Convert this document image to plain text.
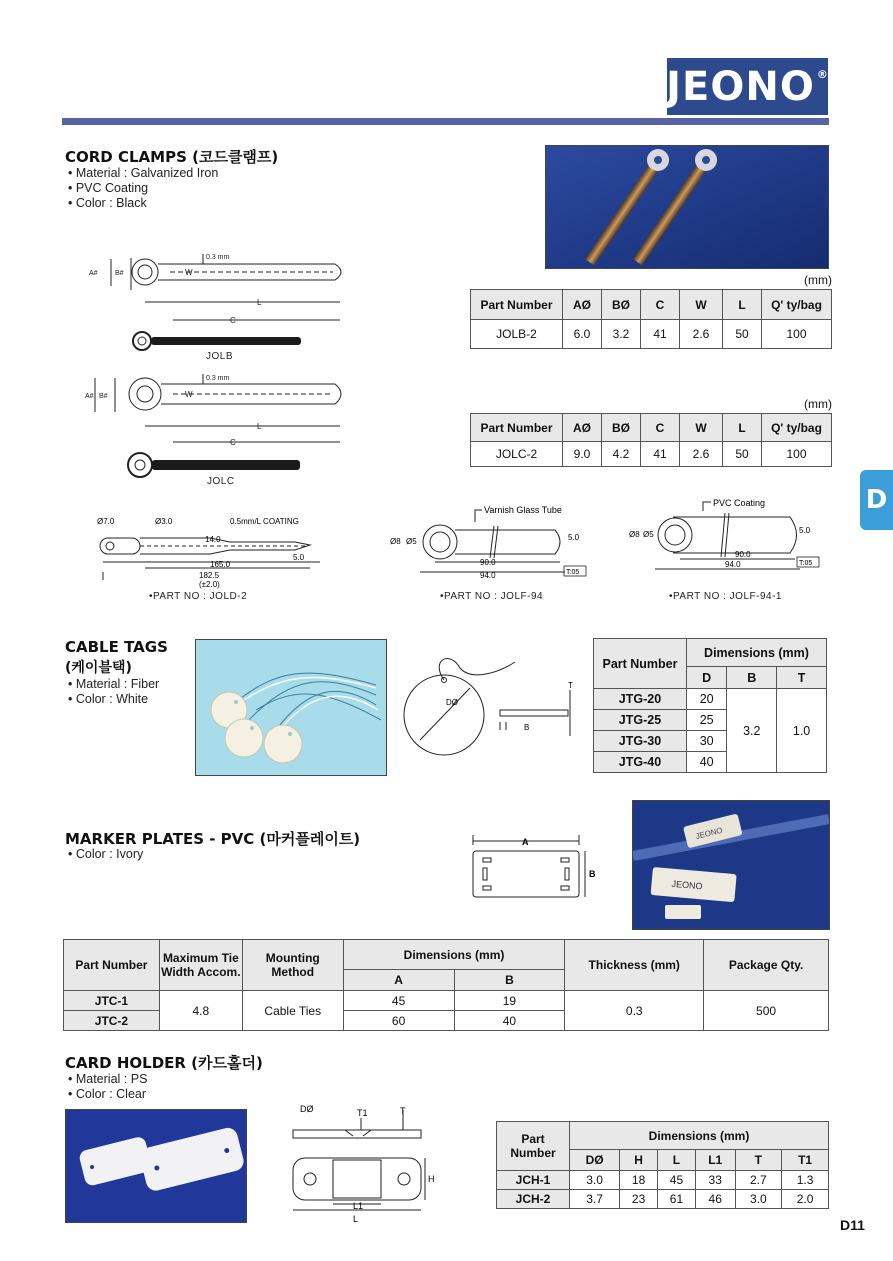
JEONO®
D
CORD CLAMPS (코드클램프)
• Material : Galvanized Iron
• PVC Coating
• Color : Black
0.3 mm
W
L
C
A# B#
JOLB
0.3 mm
W
L
C
A# B#
JOLC
(mm)
Part Number	AØ	BØ	C	W	L	Q' ty/bag
JOLB-2	6.0	3.2	41	2.6	50	100
(mm)
Part Number	AØ	BØ	C	W	L	Q' ty/bag
JOLC-2	9.0	4.2	41	2.6	50	100
Ø7.0	Ø3.0	0.5mm/L COATING
14.0
165.0
5.0
182.5
(±2.0)
•PART NO : JOLD-2
Varnish Glass Tube
Ø8 Ø5	5.0
90.0
94.0	T:05
•PART NO : JOLF-94
PVC Coating
Ø8 Ø5	5.0
90.0
94.0	T:05
•PART NO : JOLF-94-1
CABLE TAGS
(케이블택)
• Material : Fiber
• Color : White	DØ
T
B
Part Number	Dimensions (mm)		
	D	B	T
JTG-20	20	3.2	1.0
JTG-25	25		
JTG-30	30		
JTG-40	40		
MARKER PLATES - PVC (마커플레이트)
• Color : Ivory
A
B
JEONO
JEONO
Part Number	Maximum Tie Width Accom.	Mounting Method	Dimensions (mm)		Thickness (mm)	Package Qty.
			A	B		
JTC-1	4.8	Cable Ties	45	19	0.3	500
JTC-2			60	40		
CARD HOLDER (카드홀더)
• Material : PS
• Color : Clear
DØ	T1	T
H
L1
L
Part Number	Dimensions (mm)					
	DØ	H	L	L1	T	T1
JCH-1	3.0	18	45	33	2.7	1.3
JCH-2	3.7	23	61	46	3.0	2.0
D11
